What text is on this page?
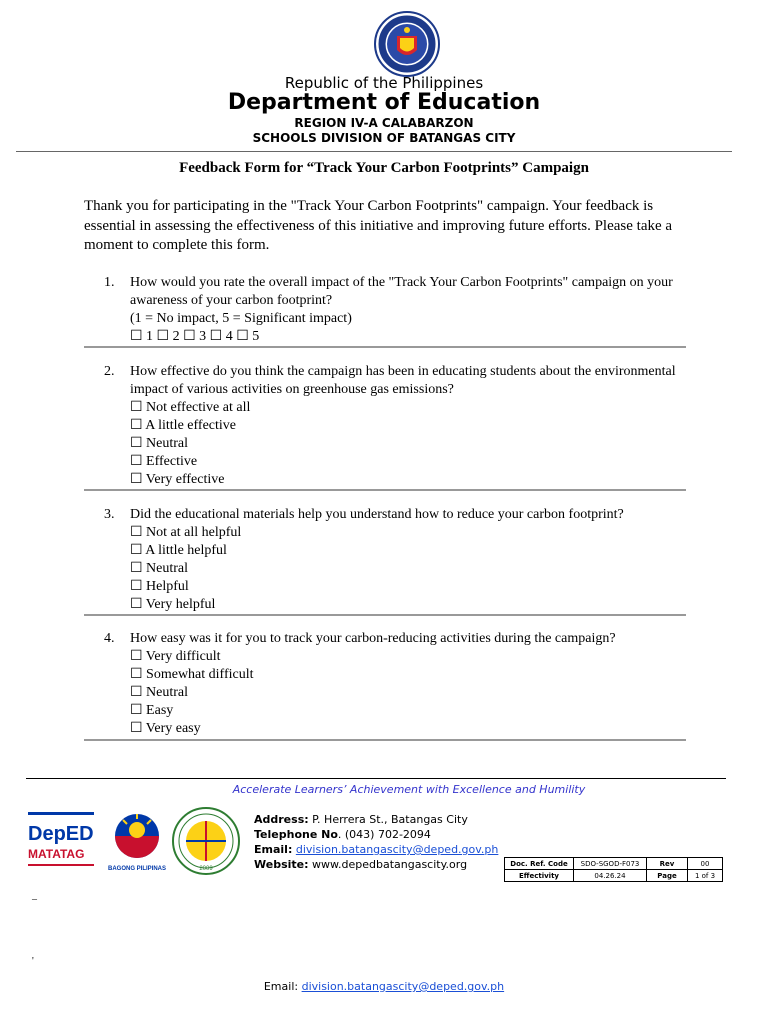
Republic of the Philippines
Department of Education
REGION IV-A CALABARZON
SCHOOLS DIVISION OF BATANGAS CITY
Feedback Form for “Track Your Carbon Footprints” Campaign
Thank you for participating in the "Track Your Carbon Footprints" campaign. Your feedback is essential in assessing the effectiveness of this initiative and improving future efforts. Please take a moment to complete this form.
1. How would you rate the overall impact of the "Track Your Carbon Footprints" campaign on your awareness of your carbon footprint?
(1 = No impact, 5 = Significant impact)
☐ 1 ☐ 2 ☐ 3 ☐ 4 ☐ 5
2. How effective do you think the campaign has been in educating students about the environmental impact of various activities on greenhouse gas emissions?
☐ Not effective at all
☐ A little effective
☐ Neutral
☐ Effective
☐ Very effective
3. Did the educational materials help you understand how to reduce your carbon footprint?
☐ Not at all helpful
☐ A little helpful
☐ Neutral
☐ Helpful
☐ Very helpful
4. How easy was it for you to track your carbon-reducing activities during the campaign?
☐ Very difficult
☐ Somewhat difficult
☐ Neutral
☐ Easy
☐ Very easy
Accelerate Learners’ Achievement with Excellence and Humility
DepED
MATATAG
BAGONG PILIPINAS	2009
Address: P. Herrera St., Batangas City
Telephone No. (043) 702-2094
Email: division.batangascity@deped.gov.ph
Website: www.depedbatangascity.org	Doc. Ref. Code	SDO-SGOD-F073	Rev	00
Effectivity	04.26.24	Page	1 of 3
–
'
Email: division.batangascity@deped.gov.ph
